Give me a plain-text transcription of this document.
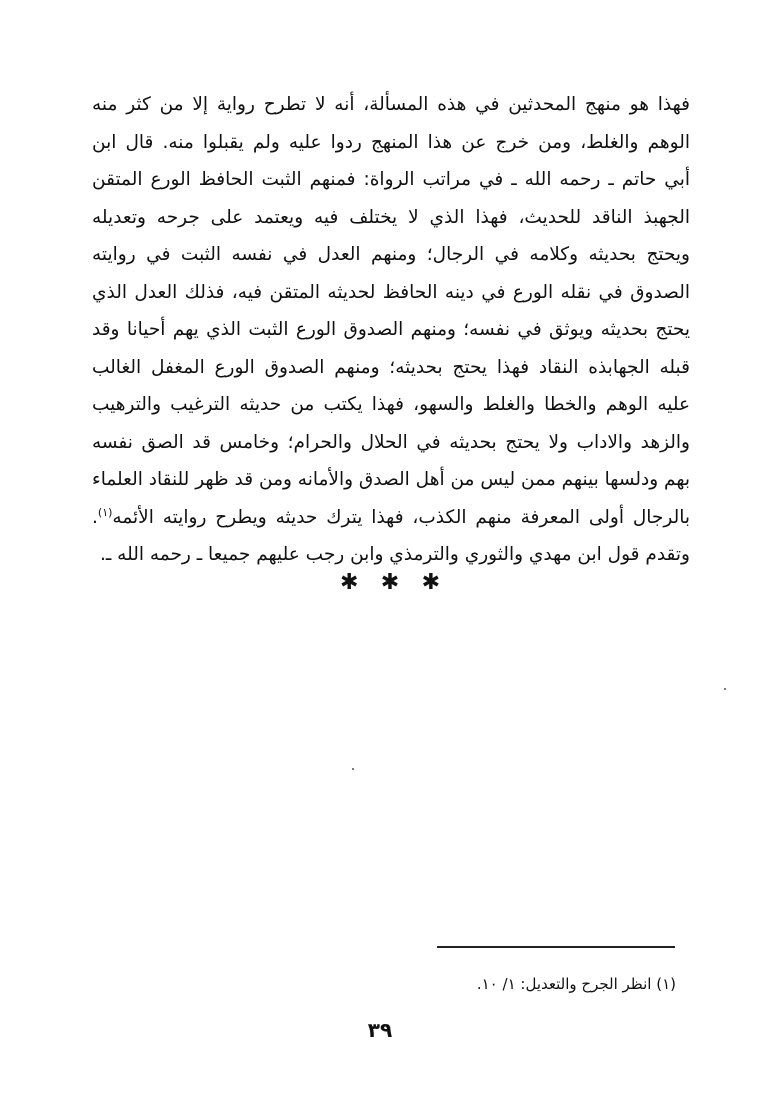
فهذا هو منهج المحدثين في هذه المسألة، أنه لا تطرح رواية إلا من كثر منه
الوهم والغلط، ومن خرج عن هذا المنهج ردوا عليه ولم يقبلوا منه. قال ابن
أبي حاتم ـ رحمه الله ـ في مراتب الرواة: فمنهم الثبت الحافظ الورع المتقن
الجهبذ الناقد للحديث، فهذا الذي لا يختلف فيه ويعتمد على جرحه وتعديله
ويحتج بحديثه وكلامه في الرجال؛ ومنهم العدل في نفسه الثبت في روايته
الصدوق في نقله الورع في دينه الحافظ لحديثه المتقن فيه، فذلك العدل الذي
يحتج بحديثه ويوثق في نفسه؛ ومنهم الصدوق الورع الثبت الذي يهم أحيانا وقد
قبله الجهابذه النقاد فهذا يحتج بحديثه؛ ومنهم الصدوق الورع المغفل الغالب
عليه الوهم والخطا والغلط والسهو، فهذا يكتب من حديثه الترغيب والترهيب
والزهد والاداب ولا يحتج بحديثه في الحلال والحرام؛ وخامس قد الصق نفسه
بهم ودلسها بينهم ممن ليس من أهل الصدق والأمانه ومن قد ظهر للنقاد العلماء
بالرجال أولى المعرفة منهم الكذب، فهذا يترك حديثه ويطرح روايته الأئمه$^{(١)}$.
وتقدم قول ابن مهدي والثوري والترمذي وابن رجب عليهم جميعا ـ رحمه الله ـ.
✱ ✱ ✱
(١) انظر الجرح والتعديل: ١/ ١٠.
٣٩
